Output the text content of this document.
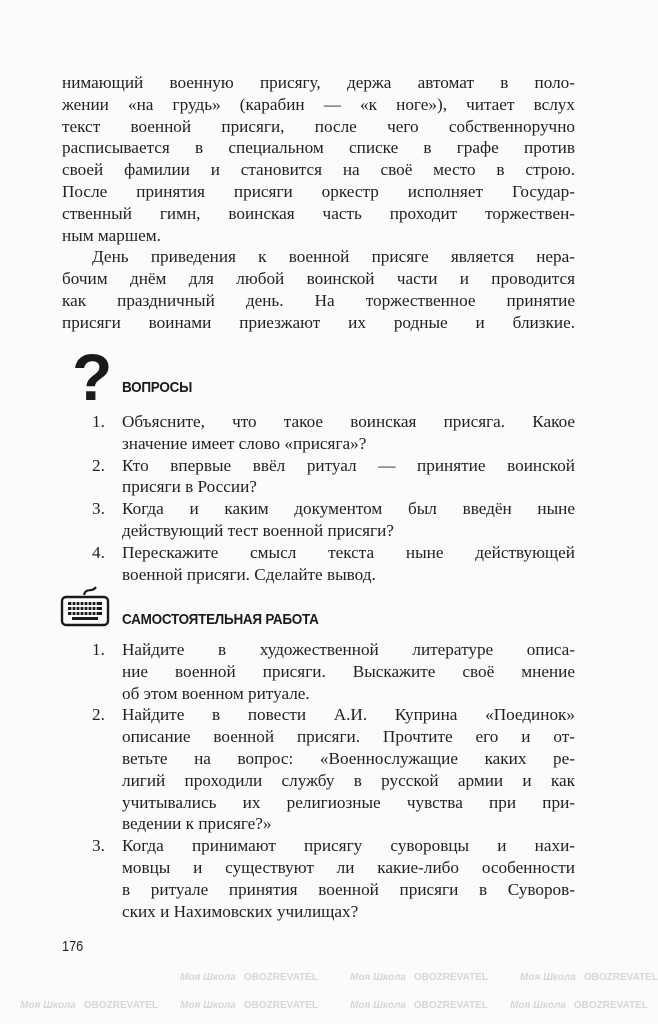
Моя Школа OBOZREVATEL	Моя Школа OBOZREVATEL	Моя Школа OBOZREVATEL
Моя Школа OBOZREVATEL Моя Школа OBOZREVATEL	Моя Школа OBOZREVATEL Моя Школа OBOZREVATEL
нимающий военную присягу, держа автомат в поло-
жении «на грудь» (карабин — «к ноге»), читает вслух
текст военной присяги, после чего собственноручно
расписывается в специальном списке в графе против
своей фамилии и становится на своё место в строю.
После принятия присяги оркестр исполняет Государ-
ственный гимн, воинская часть проходит торжествен-
ным маршем.
День приведения к военной присяге является нера-
бочим днём для любой воинской части и проводится
как праздничный день. На торжественное принятие
присяги воинами приезжают их родные и близкие.
? ВОПРОСЫ
1. Объясните, что такое воинская присяга. Какое
значение имеет слово «присяга»?
2. Кто впервые ввёл ритуал — принятие воинской
присяги в России?
3. Когда и каким документом был введён ныне
действующий тест военной присяги?
4. Перескажите смысл текста ныне действующей
военной присяги. Сделайте вывод.
САМОСТОЯТЕЛЬНАЯ РАБОТА
1. Найдите в художественной литературе описа-
ние военной присяги. Выскажите своё мнение
об этом военном ритуале.
2. Найдите в повести А.И. Куприна «Поединок»
описание военной присяги. Прочтите его и от-
ветьте на вопрос: «Военнослужащие каких ре-
лигий проходили службу в русской армии и как
учитывались их религиозные чувства при при-
ведении к присяге?»
3. Когда принимают присягу суворовцы и нахи-
мовцы и существуют ли какие-либо особенности
в ритуале принятия военной присяги в Суворов-
ских и Нахимовских училищах?
176
